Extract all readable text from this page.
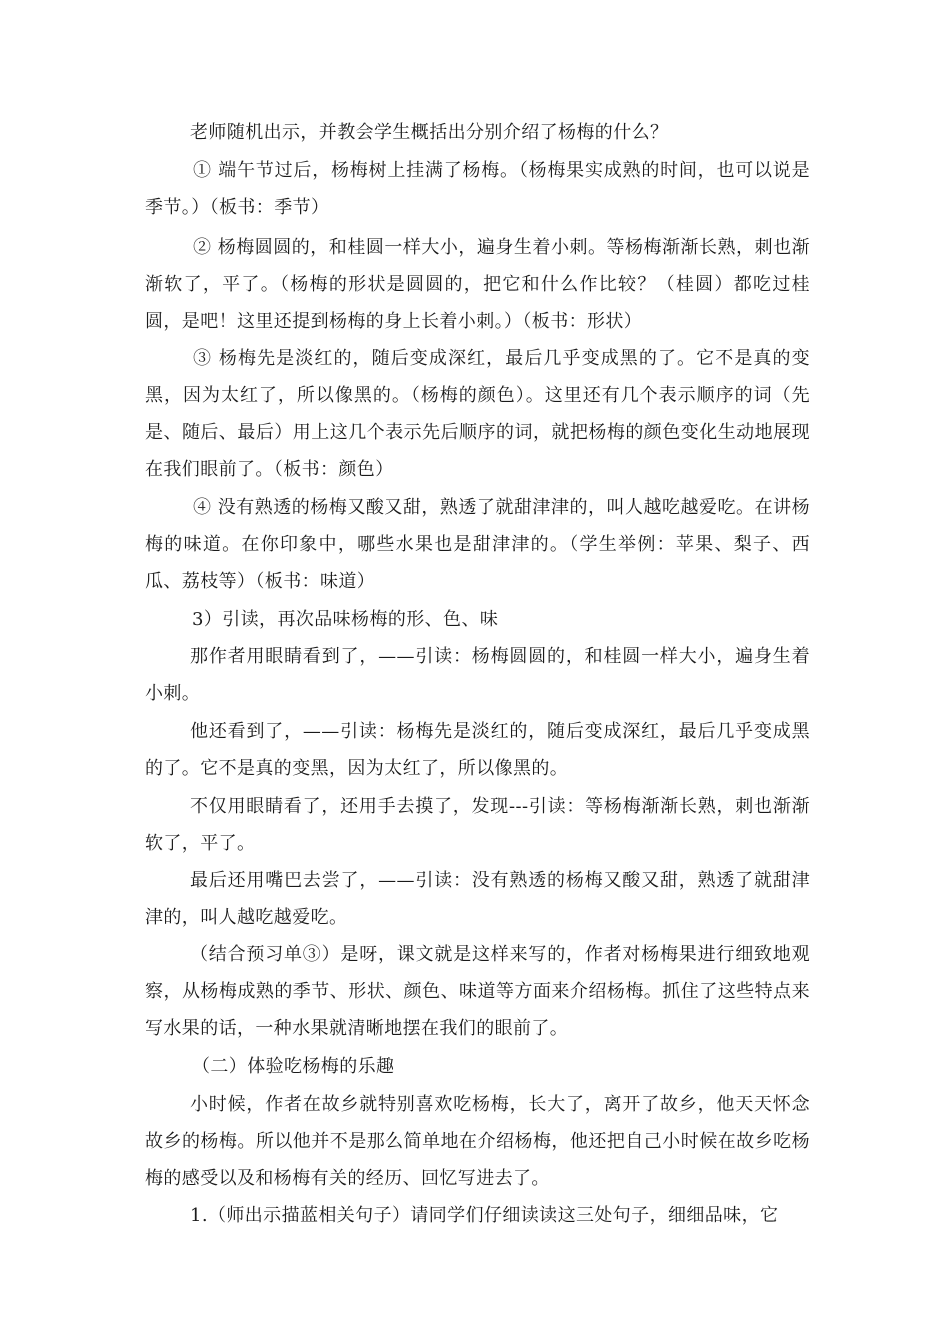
老师随机出示，并教会学生概括出分别介绍了杨梅的什么？

① 端午节过后，杨梅树上挂满了杨梅。（杨梅果实成熟的时间，也可以说是季节。）（板书：季节）

② 杨梅圆圆的，和桂圆一样大小，遍身生着小刺。等杨梅渐渐长熟，刺也渐渐软了，平了。（杨梅的形状是圆圆的，把它和什么作比较？（桂圆）都吃过桂圆，是吧！这里还提到杨梅的身上长着小刺。）（板书：形状）

③ 杨梅先是淡红的，随后变成深红，最后几乎变成黑的了。它不是真的变黑，因为太红了，所以像黑的。（杨梅的颜色）。这里还有几个表示顺序的词（先是、随后、最后）用上这几个表示先后顺序的词，就把杨梅的颜色变化生动地展现在我们眼前了。（板书：颜色）

④ 没有熟透的杨梅又酸又甜，熟透了就甜津津的，叫人越吃越爱吃。在讲杨梅的味道。在你印象中，哪些水果也是甜津津的。（学生举例：苹果、梨子、西瓜、荔枝等）（板书：味道）

3）引读，再次品味杨梅的形、色、味

那作者用眼睛看到了，——引读：杨梅圆圆的，和桂圆一样大小，遍身生着小刺。

他还看到了，——引读：杨梅先是淡红的，随后变成深红，最后几乎变成黑的了。它不是真的变黑，因为太红了，所以像黑的。

不仅用眼睛看了，还用手去摸了，发现---引读：等杨梅渐渐长熟，刺也渐渐软了，平了。

最后还用嘴巴去尝了，——引读：没有熟透的杨梅又酸又甜，熟透了就甜津津的，叫人越吃越爱吃。

（结合预习单③）是呀，课文就是这样来写的，作者对杨梅果进行细致地观察，从杨梅成熟的季节、形状、颜色、味道等方面来介绍杨梅。抓住了这些特点来写水果的话，一种水果就清晰地摆在我们的眼前了。

（二）体验吃杨梅的乐趣

小时候，作者在故乡就特别喜欢吃杨梅，长大了，离开了故乡，他天天怀念故乡的杨梅。所以他并不是那么简单地在介绍杨梅，他还把自己小时候在故乡吃杨梅的感受以及和杨梅有关的经历、回忆写进去了。

1.（师出示描蓝相关句子）请同学们仔细读读这三处句子，细细品味，它
